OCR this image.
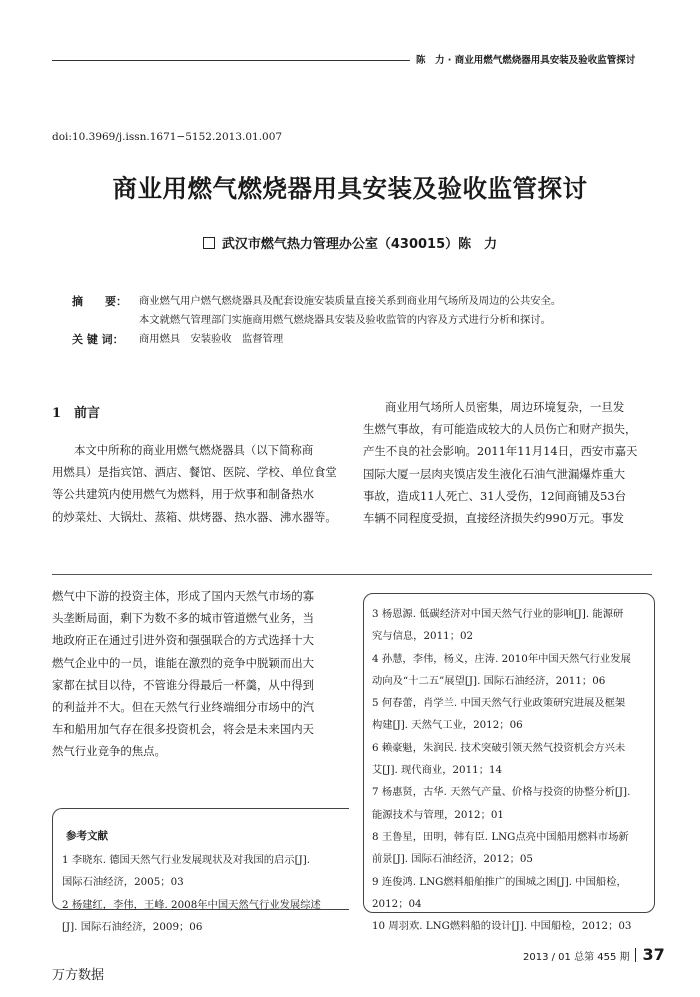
陈　力 · 商业用燃气燃烧器用具安装及验收监管探讨
doi:10.3969/j.issn.1671−5152.2013.01.007
商业用燃气燃烧器用具安装及验收监管探讨
武汉市燃气热力管理办公室（430015）陈　力
摘　　要： 商业燃气用户燃气燃烧器具及配套设施安装质量直接关系到商业用气场所及周边的公共安全。
本文就燃气管理部门实施商用燃气燃烧器具安装及验收监管的内容及方式进行分析和探讨。
关 键 词： 商用燃具　安装验收　监督管理
1　前言
本文中所称的商业用燃气燃烧器具（以下简称商
用燃具）是指宾馆、酒店、餐馆、医院、学校、单位食堂
等公共建筑内使用燃气为燃料，用于炊事和制备热水
的炒菜灶、大锅灶、蒸箱、烘烤器、热水器、沸水器等。
商业用气场所人员密集，周边环境复杂，一旦发
生燃气事故，有可能造成较大的人员伤亡和财产损失，
产生不良的社会影响。2011年11月14日，西安市嘉天
国际大厦一层肉夹馍店发生液化石油气泄漏爆炸重大
事故，造成11人死亡、31人受伤，12间商铺及53台
车辆不同程度受损，直接经济损失约990万元。事发
燃气中下游的投资主体，形成了国内天然气市场的寡
头垄断局面，剩下为数不多的城市管道燃气业务，当
地政府正在通过引进外资和强强联合的方式选择十大
燃气企业中的一员，谁能在激烈的竞争中脱颖而出大
家都在拭目以待，不管谁分得最后一杯羹，从中得到
的利益并不大。但在天然气行业终端细分市场中的汽
车和船用加气存在很多投资机会，将会是未来国内天
然气行业竞争的焦点。
参考文献
1 李晓东. 德国天然气行业发展现状及对我国的启示[J].
国际石油经济，2005；03
2 杨建红，李伟，王峰. 2008年中国天然气行业发展综述
[J]. 国际石油经济，2009；06
3 杨恩源. 低碳经济对中国天然气行业的影响[J]. 能源研
究与信息，2011；02
4 孙慧，李伟，杨义，庄涛. 2010年中国天然气行业发展
动向及“十二五”展望[J]. 国际石油经济，2011；06
5 何春蕾，肖学兰. 中国天然气行业政策研究进展及框架
构建[J]. 天然气工业，2012；06
6 赖豪魁，朱润民. 技术突破引领天然气投资机会方兴未
艾[J]. 现代商业，2011；14
7 杨惠贤，古华. 天然气产量、价格与投资的协整分析[J].
能源技术与管理，2012；01
8 王鲁星，田明，韩有臣. LNG点亮中国船用燃料市场新
前景[J]. 国际石油经济，2012；05
9 连俊鸿. LNG燃料船舶推广的围城之困[J]. 中国船检，
2012；04
10 周羽欢. LNG燃料船的设计[J]. 中国船检，2012；03
2013 / 01 总第 455 期 37
万方数据
